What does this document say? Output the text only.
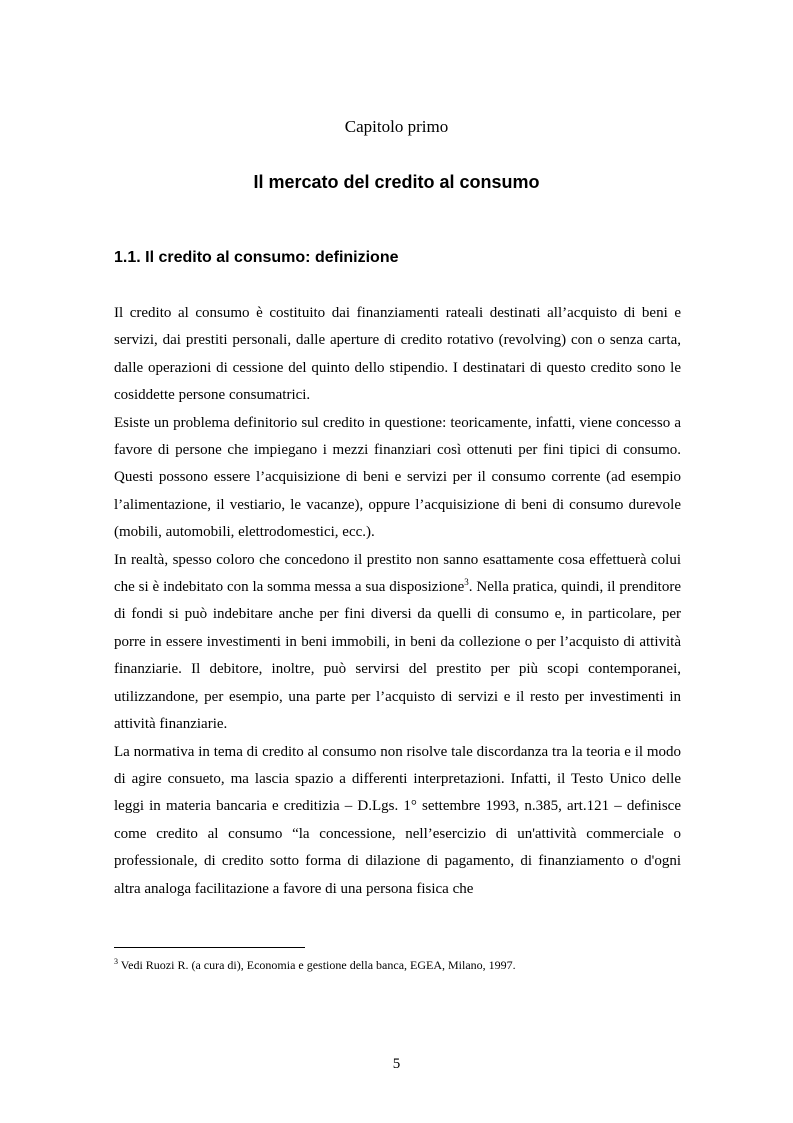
Capitolo primo
Il mercato del credito al consumo
1.1. Il credito al consumo: definizione

Il credito al consumo è costituito dai finanziamenti rateali destinati all’acquisto di beni e servizi, dai prestiti personali, dalle aperture di credito rotativo (revolving) con o senza carta, dalle operazioni di cessione del quinto dello stipendio. I destinatari di questo credito sono le cosiddette persone consumatrici.

Esiste un problema definitorio sul credito in questione: teoricamente, infatti, viene concesso a favore di persone che impiegano i mezzi finanziari così ottenuti per fini tipici di consumo. Questi possono essere l’acquisizione di beni e servizi per il consumo corrente (ad esempio l’alimentazione, il vestiario, le vacanze), oppure l’acquisizione di beni di consumo durevole (mobili, automobili, elettrodomestici, ecc.).

In realtà, spesso coloro che concedono il prestito non sanno esattamente cosa effettuerà colui che si è indebitato con la somma messa a sua disposizione$^3$. Nella pratica, quindi, il prenditore di fondi si può indebitare anche per fini diversi da quelli di consumo e, in particolare, per porre in essere investimenti in beni immobili, in beni da collezione o per l’acquisto di attività finanziarie. Il debitore, inoltre, può servirsi del prestito per più scopi contemporanei, utilizzandone, per esempio, una parte per l’acquisto di servizi e il resto per investimenti in attività finanziarie.

La normativa in tema di credito al consumo non risolve tale discordanza tra la teoria e il modo di agire consueto, ma lascia spazio a differenti interpretazioni. Infatti, il Testo Unico delle leggi in materia bancaria e creditizia – D.Lgs. 1° settembre 1993, n.385, art.121 – definisce come credito al consumo “la concessione, nell’esercizio di un'attività commerciale o professionale, di credito sotto forma di dilazione di pagamento, di finanziamento o d'ogni altra analoga facilitazione a favore di una persona fisica che

$^3$ Vedi Ruozi R. (a cura di), Economia e gestione della banca, EGEA, Milano, 1997.
5
